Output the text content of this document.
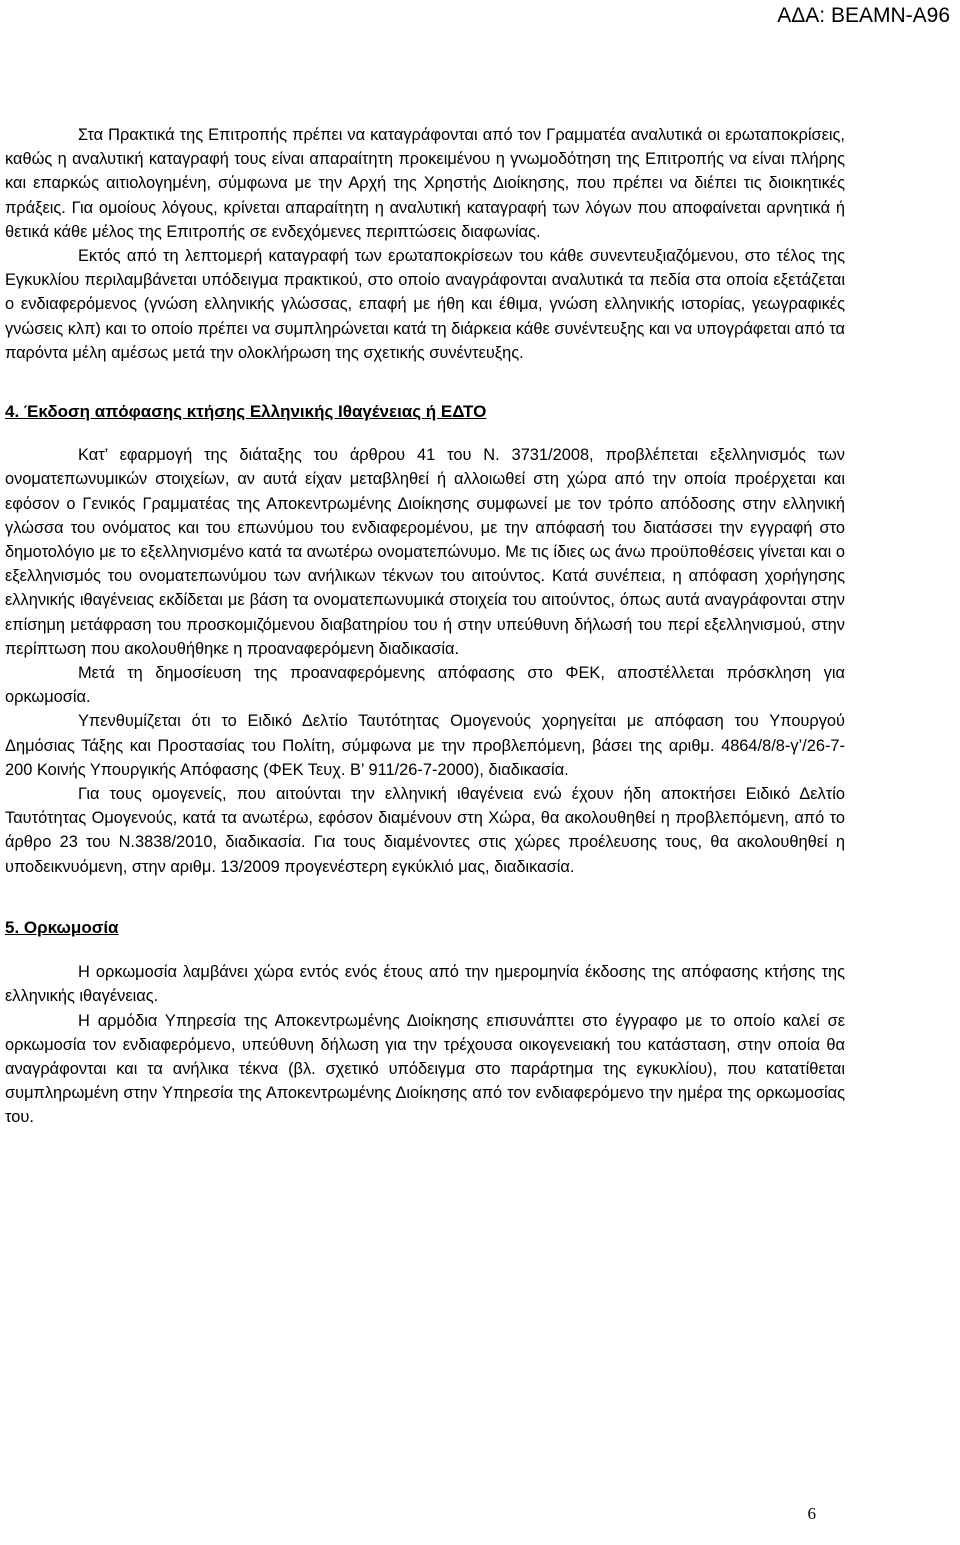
ΑΔΑ: ΒΕΑΜΝ-Α96

Στα Πρακτικά της Επιτροπής πρέπει να καταγράφονται από τον Γραμματέα αναλυτικά οι ερωταποκρίσεις, καθώς η αναλυτική καταγραφή τους είναι απαραίτητη προκειμένου η γνωμοδότηση της Επιτροπής να είναι πλήρης και επαρκώς αιτιολογημένη, σύμφωνα με την Αρχή της Χρηστής Διοίκησης, που πρέπει να διέπει τις διοικητικές πράξεις. Για ομοίους λόγους, κρίνεται απαραίτητη η αναλυτική καταγραφή των λόγων που αποφαίνεται αρνητικά ή θετικά κάθε μέλος της Επιτροπής σε ενδεχόμενες περιπτώσεις διαφωνίας.

Εκτός από τη λεπτομερή καταγραφή των ερωταποκρίσεων του κάθε συνεντευξιαζόμενου, στο τέλος της Εγκυκλίου περιλαμβάνεται υπόδειγμα πρακτικού, στο οποίο αναγράφονται αναλυτικά τα πεδία στα οποία εξετάζεται ο ενδιαφερόμενος (γνώση ελληνικής γλώσσας, επαφή με ήθη και έθιμα, γνώση ελληνικής ιστορίας, γεωγραφικές γνώσεις κλπ) και το οποίο πρέπει να συμπληρώνεται κατά τη διάρκεια κάθε συνέντευξης και να υπογράφεται από τα παρόντα μέλη αμέσως μετά την ολοκλήρωση της σχετικής συνέντευξης.

4. Έκδοση απόφασης κτήσης Ελληνικής Ιθαγένειας ή ΕΔΤΟ

Κατ’ εφαρμογή της διάταξης του άρθρου 41 του Ν. 3731/2008, προβλέπεται εξελληνισμός των ονοματεπωνυμικών στοιχείων, αν αυτά είχαν μεταβληθεί ή αλλοιωθεί στη χώρα από την οποία προέρχεται και εφόσον ο Γενικός Γραμματέας της Αποκεντρωμένης Διοίκησης συμφωνεί με τον τρόπο απόδοσης στην ελληνική γλώσσα του ονόματος και του επωνύμου του ενδιαφερομένου, με την απόφασή του διατάσσει την εγγραφή στο δημοτολόγιο με το εξελληνισμένο κατά τα ανωτέρω ονοματεπώνυμο. Με τις ίδιες ως άνω προϋποθέσεις γίνεται και ο εξελληνισμός του ονοματεπωνύμου των ανήλικων τέκνων του αιτούντος. Κατά συνέπεια, η απόφαση χορήγησης ελληνικής ιθαγένειας εκδίδεται με βάση τα ονοματεπωνυμικά στοιχεία του αιτούντος, όπως αυτά αναγράφονται στην επίσημη μετάφραση του προσκομιζόμενου διαβατηρίου του ή στην υπεύθυνη δήλωσή του περί εξελληνισμού, στην περίπτωση που ακολουθήθηκε η προαναφερόμενη διαδικασία.

Μετά τη δημοσίευση της προαναφερόμενης απόφασης στο ΦΕΚ, αποστέλλεται πρόσκληση για ορκωμοσία.

Υπενθυμίζεται ότι το Ειδικό Δελτίο Ταυτότητας Ομογενούς χορηγείται με απόφαση του Υπουργού Δημόσιας Τάξης και Προστασίας του Πολίτη, σύμφωνα με την προβλεπόμενη, βάσει της αριθμ. 4864/8/8-γ’/26-7-200 Κοινής Υπουργικής Απόφασης (ΦΕΚ Τευχ. Β’ 911/26-7-2000), διαδικασία.

Για τους ομογενείς, που αιτούνται την ελληνική ιθαγένεια ενώ έχουν ήδη αποκτήσει Ειδικό Δελτίο Ταυτότητας Ομογενούς, κατά τα ανωτέρω, εφόσον διαμένουν στη Χώρα, θα ακολουθηθεί η προβλεπόμενη, από το άρθρο 23 του Ν.3838/2010, διαδικασία. Για τους διαμένοντες στις χώρες προέλευσης τους, θα ακολουθηθεί η υποδεικνυόμενη, στην αριθμ. 13/2009 προγενέστερη εγκύκλιό μας, διαδικασία.

5. Ορκωμοσία

Η ορκωμοσία λαμβάνει χώρα εντός ενός έτους από την ημερομηνία έκδοσης της απόφασης κτήσης της ελληνικής ιθαγένειας.

Η αρμόδια Υπηρεσία της Αποκεντρωμένης Διοίκησης επισυνάπτει στο έγγραφο με το οποίο καλεί σε ορκωμοσία τον ενδιαφερόμενο, υπεύθυνη δήλωση για την τρέχουσα οικογενειακή του κατάσταση, στην οποία θα αναγράφονται και τα ανήλικα τέκνα (βλ. σχετικό υπόδειγμα στο παράρτημα της εγκυκλίου), που κατατίθεται συμπληρωμένη στην Υπηρεσία της Αποκεντρωμένης Διοίκησης από τον ενδιαφερόμενο την ημέρα της ορκωμοσίας του.

6
